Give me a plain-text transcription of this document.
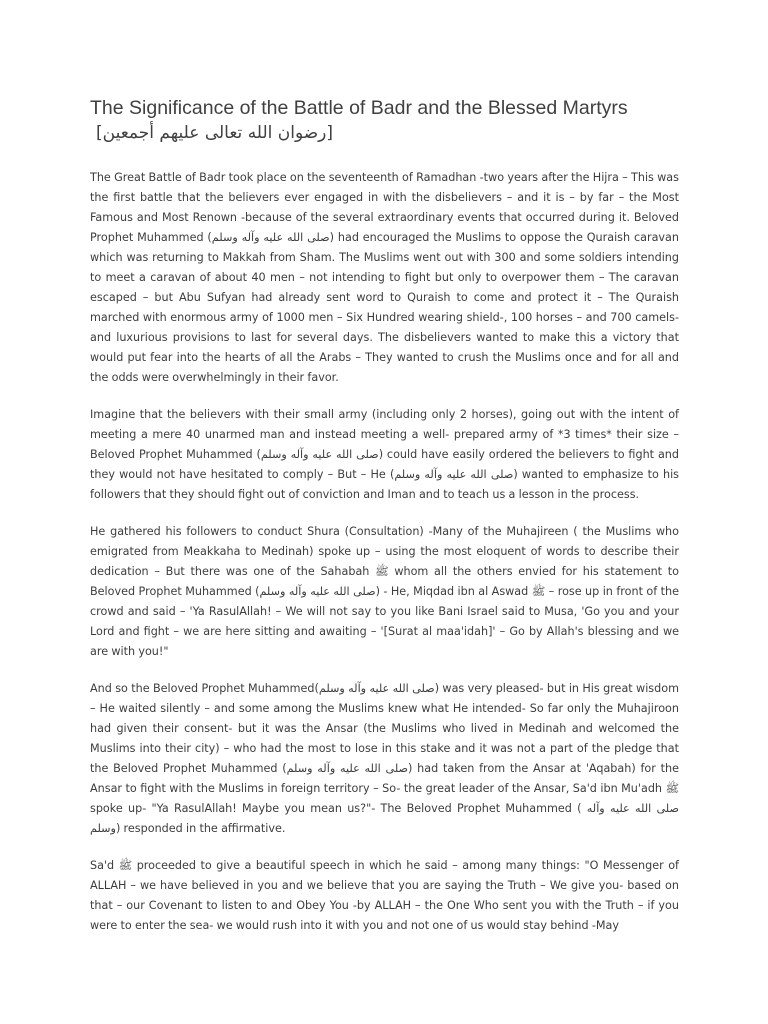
The Significance of the Battle of Badr and the Blessed Martyrs
[رضوان الله تعالى عليهم أجمعين]

The Great Battle of Badr took place on the seventeenth of Ramadhan -two years after the Hijra – This was the first battle that the believers ever engaged in with the disbelievers – and it is – by far – the Most Famous and Most Renown -because of the several extraordinary events that occurred during it. Beloved Prophet Muhammed (صلى الله عليه وآله وسلم) had encouraged the Muslims to oppose the Quraish caravan which was returning to Makkah from Sham. The Muslims went out with 300 and some soldiers intending to meet a caravan of about 40 men – not intending to fight but only to overpower them – The caravan escaped – but Abu Sufyan had already sent word to Quraish to come and protect it – The Quraish marched with enormous army of 1000 men – Six Hundred wearing shield-, 100 horses – and 700 camels- and luxurious provisions to last for several days. The disbelievers wanted to make this a victory that would put fear into the hearts of all the Arabs – They wanted to crush the Muslims once and for all and the odds were overwhelmingly in their favor.

Imagine that the believers with their small army (including only 2 horses), going out with the intent of meeting a mere 40 unarmed man and instead meeting a well- prepared army of *3 times* their size – Beloved Prophet Muhammed (صلى الله عليه وآله وسلم) could have easily ordered the believers to fight and they would not have hesitated to comply – But – He (صلى الله عليه وآله وسلم) wanted to emphasize to his followers that they should fight out of conviction and Iman and to teach us a lesson in the process.

He gathered his followers to conduct Shura (Consultation) -Many of the Muhajireen ( the Muslims who emigrated from Meakkaha to Medinah) spoke up – using the most eloquent of words to describe their dedication – But there was one of the Sahabah ﷺ whom all the others envied for his statement to Beloved Prophet Muhammed (صلى الله عليه وآله وسلم) - He, Miqdad ibn al Aswad ﷺ – rose up in front of the crowd and said – 'Ya RasulAllah! – We will not say to you like Bani Israel said to Musa, 'Go you and your Lord and fight – we are here sitting and awaiting – '[Surat al maa'idah]' – Go by Allah's blessing and we are with you!"

And so the Beloved Prophet Muhammed(صلى الله عليه وآله وسلم) was very pleased- but in His great wisdom – He waited silently – and some among the Muslims knew what He intended- So far only the Muhajiroon had given their consent- but it was the Ansar (the Muslims who lived in Medinah and welcomed the Muslims into their city) – who had the most to lose in this stake and it was not a part of the pledge that the Beloved Prophet Muhammed (صلى الله عليه وآله وسلم) had taken from the Ansar at 'Aqabah) for the Ansar to fight with the Muslims in foreign territory – So- the great leader of the Ansar, Sa'd ibn Mu'adh ﷺ spoke up- "Ya RasulAllah! Maybe you mean us?"- The Beloved Prophet Muhammed ( صلى الله عليه وآله وسلم) responded in the affirmative.

Sa'd ﷺ proceeded to give a beautiful speech in which he said – among many things: "O Messenger of ALLAH – we have believed in you and we believe that you are saying the Truth – We give you- based on that – our Covenant to listen to and Obey You -by ALLAH – the One Who sent you with the Truth – if you were to enter the sea- we would rush into it with you and not one of us would stay behind -May
